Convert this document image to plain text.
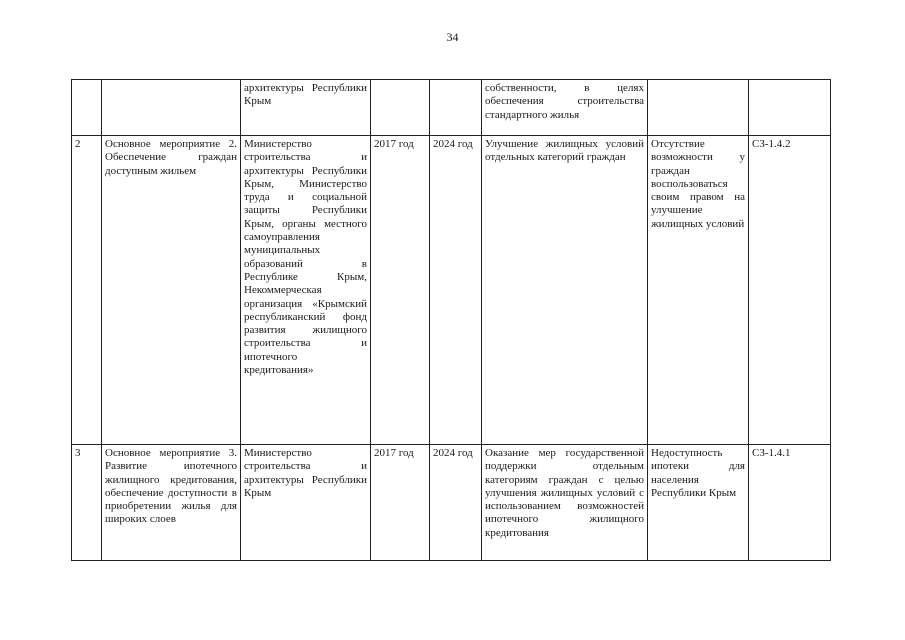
34
		архитектуры Республики Крым			собственности, в целях обеспечения строительства стандартного жилья		
2	Основное мероприятие 2. Обеспечение граждан доступным жильем	Министерство строительства и архитектуры Республики Крым, Министерство труда и социальной защиты Республики Крым, органы местного самоуправления муниципальных образований в Республике Крым, Некоммерческая организация «Крымский республиканский фонд развития жилищного строительства и ипотечного кредитования»	2017 год	2024 год	Улучшение жилищных условий отдельных категорий граждан	Отсутствие возможности у граждан воспользоваться своим правом на улучшение жилищных условий	СЗ-1.4.2
3	Основное мероприятие 3. Развитие ипотечного жилищного кредитования, обеспечение доступности в приобретении жилья для широких слоев	Министерство строительства и архитектуры Республики Крым	2017 год	2024 год	Оказание мер государственной поддержки отдельным категориям граждан с целью улучшения жилищных условий с использованием возможностей ипотечного жилищного кредитования	Недоступность ипотеки для населения Республики Крым	СЗ-1.4.1
